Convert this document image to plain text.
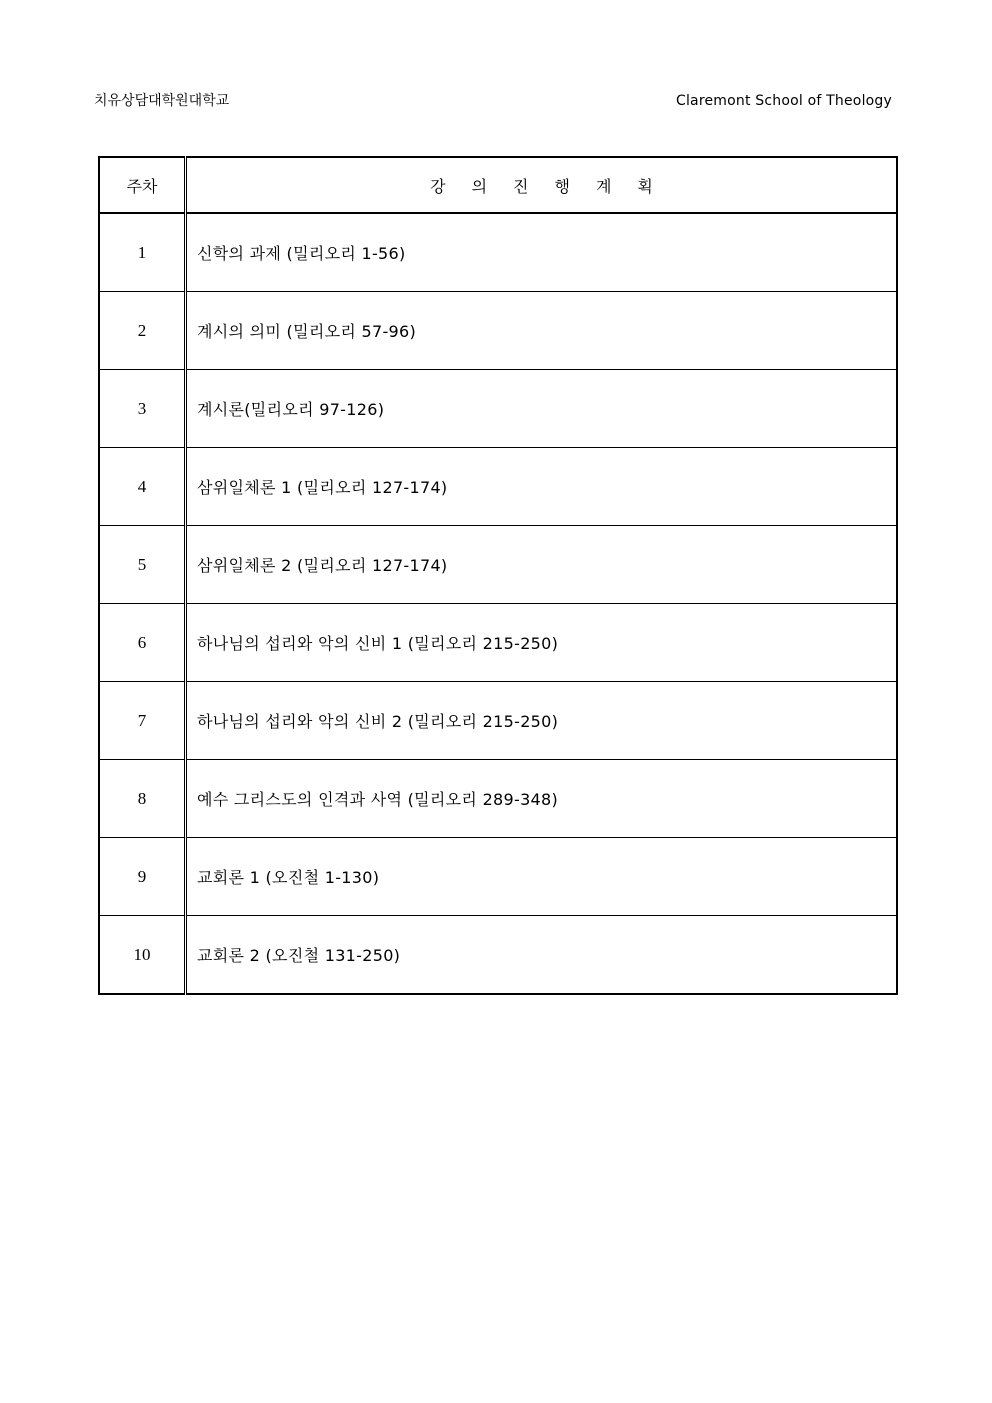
치유상담대학원대학교	Claremont School of Theology
주차	강의진행계획
1	신학의 과제 (밀리오리 1-56)
2	계시의 의미 (밀리오리 57-96)
3	계시론(밀리오리 97-126)
4	삼위일체론 1 (밀리오리 127-174)
5	삼위일체론 2 (밀리오리 127-174)
6	하나님의 섭리와 악의 신비 1 (밀리오리 215-250)
7	하나님의 섭리와 악의 신비 2 (밀리오리 215-250)
8	예수 그리스도의 인격과 사역 (밀리오리 289-348)
9	교회론 1 (오진철 1-130)
10	교회론 2 (오진철 131-250)
